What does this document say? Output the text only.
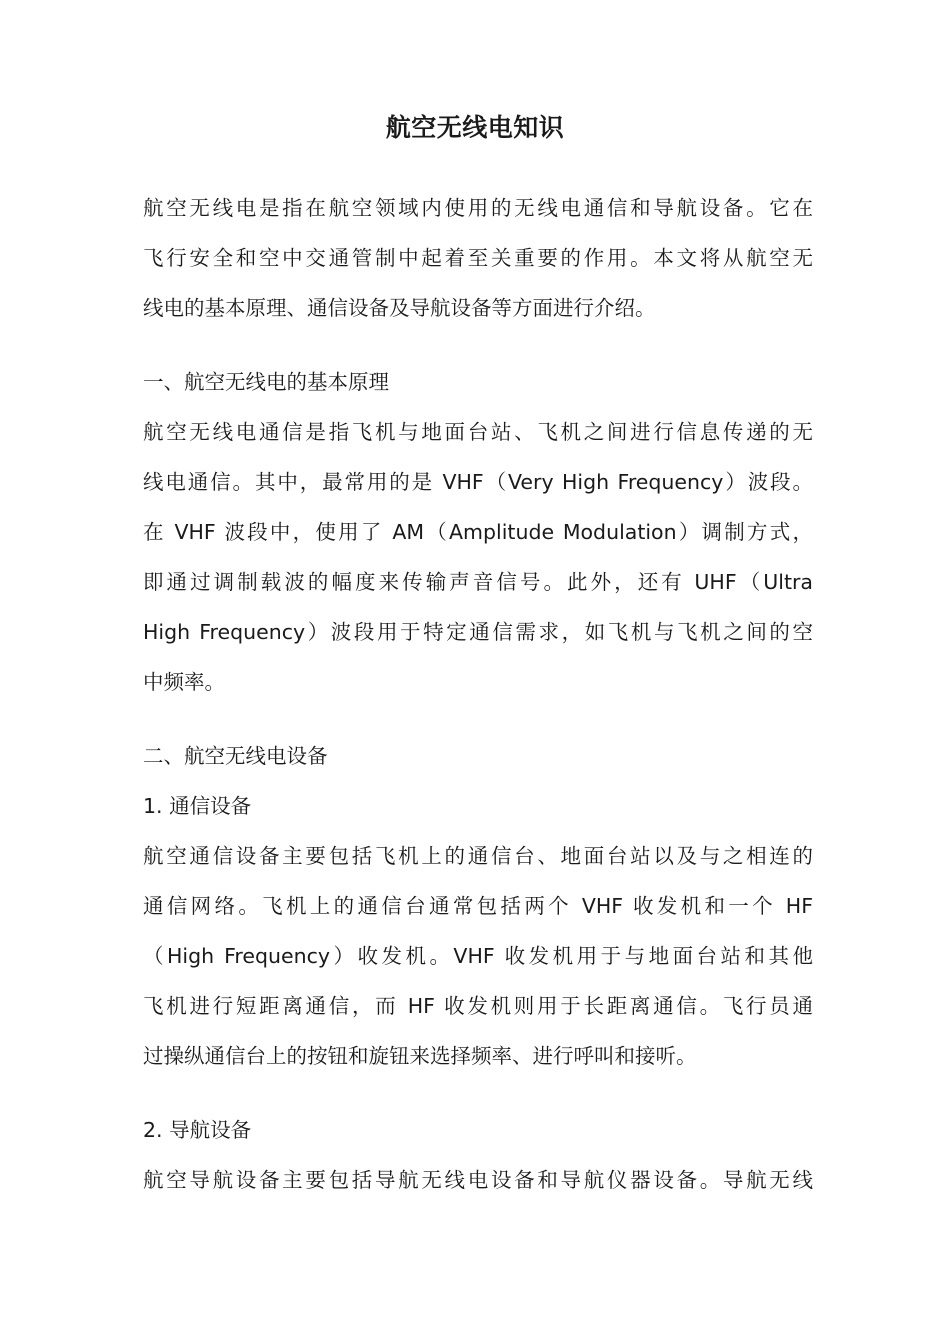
航空无线电知识
航空无线电是指在航空领域内使用的无线电通信和导航设备。它在
飞行安全和空中交通管制中起着至关重要的作用。本文将从航空无
线电的基本原理、通信设备及导航设备等方面进行介绍。
一、航空无线电的基本原理
航空无线电通信是指飞机与地面台站、飞机之间进行信息传递的无
线电通信。其中，最常用的是 VHF（Very High Frequency）波段。
在 VHF 波段中，使用了 AM（Amplitude Modulation）调制方式，
即通过调制载波的幅度来传输声音信号。此外，还有 UHF（Ultra
High Frequency）波段用于特定通信需求，如飞机与飞机之间的空
中频率。
二、航空无线电设备
1. 通信设备
航空通信设备主要包括飞机上的通信台、地面台站以及与之相连的
通信网络。飞机上的通信台通常包括两个 VHF 收发机和一个 HF
（High Frequency）收发机。VHF 收发机用于与地面台站和其他
飞机进行短距离通信，而 HF 收发机则用于长距离通信。飞行员通
过操纵通信台上的按钮和旋钮来选择频率、进行呼叫和接听。
2. 导航设备
航空导航设备主要包括导航无线电设备和导航仪器设备。导航无线
